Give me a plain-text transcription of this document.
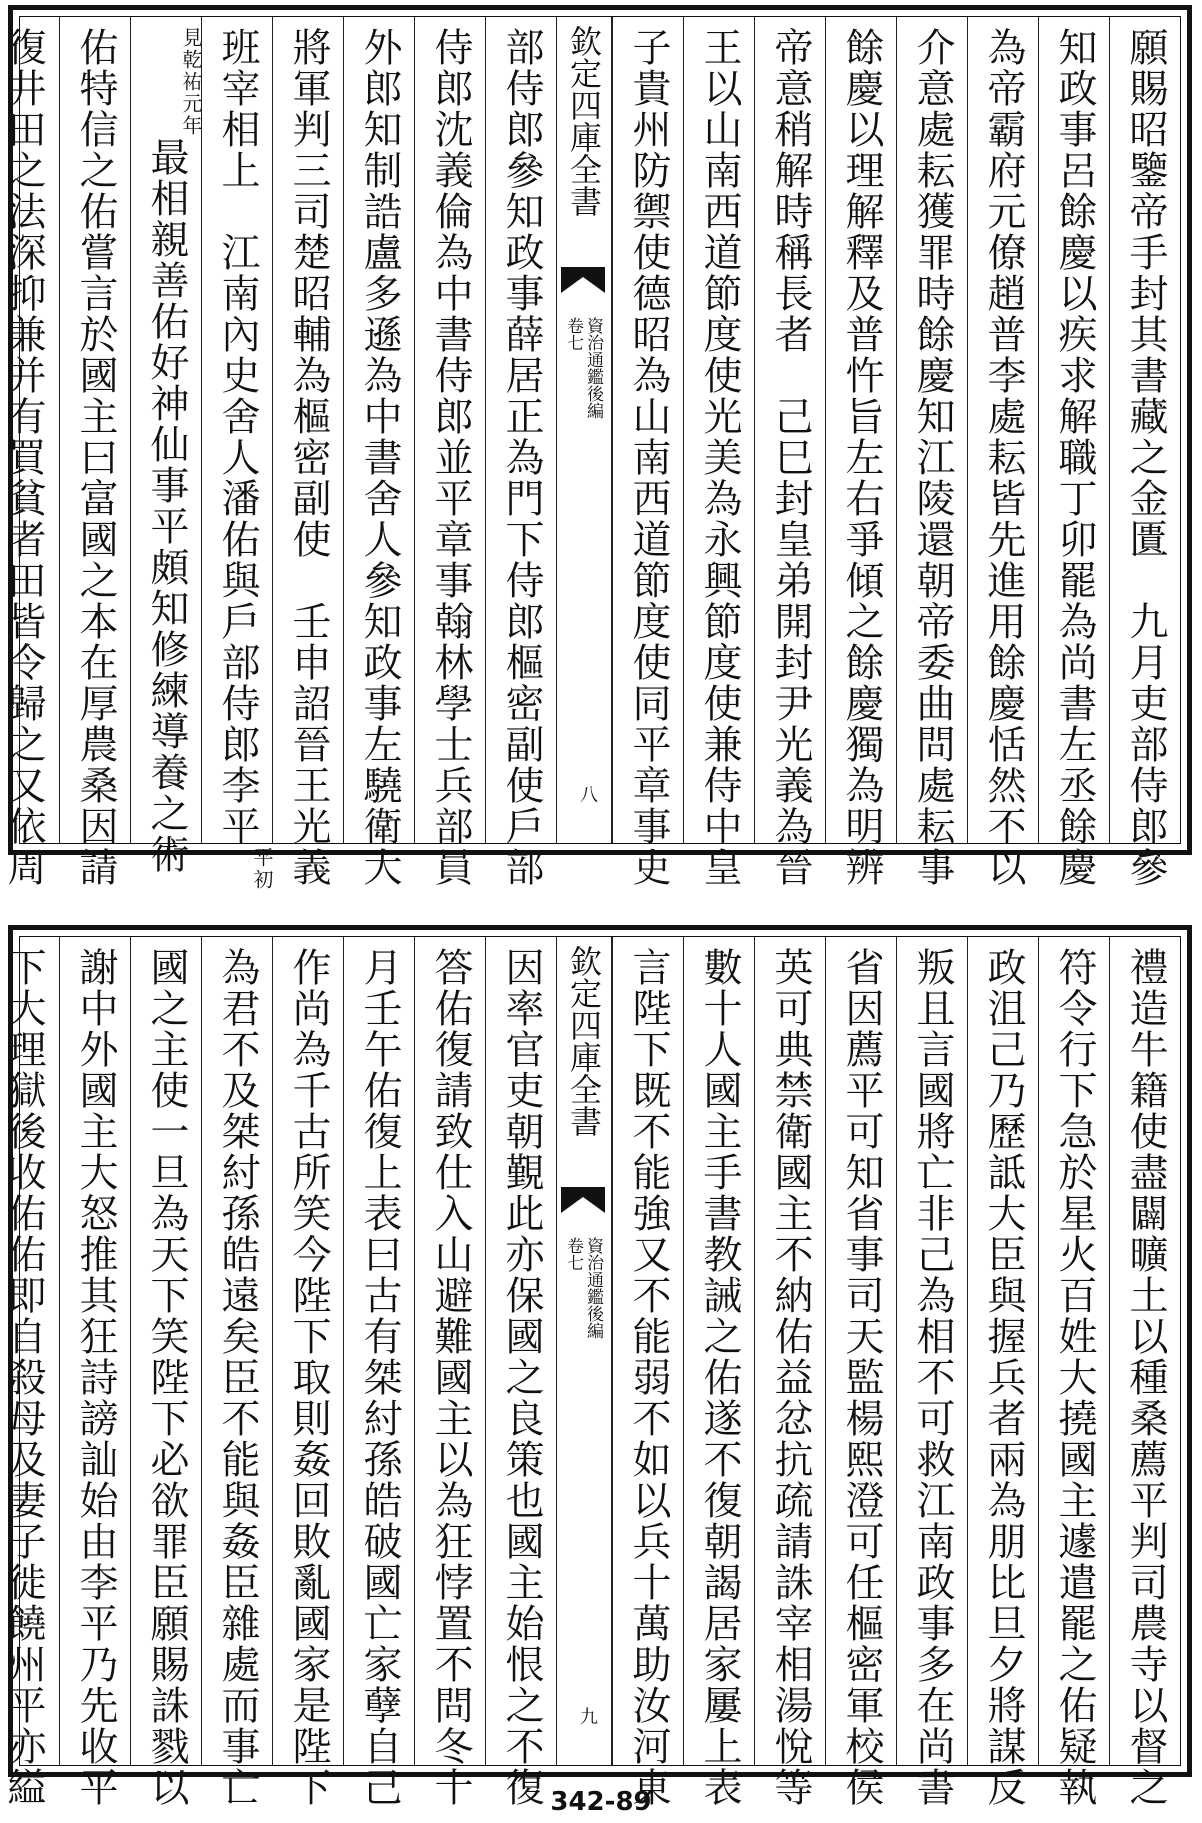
願賜昭鑒帝手封其書藏之金匱　九月吏部侍郎參
知政事呂餘慶以疾求解職丁卯罷為尚書左丞餘慶
為帝霸府元僚趙普李處耘皆先進用餘慶恬然不以
介意處耘獲罪時餘慶知江陵還朝帝委曲問處耘事
餘慶以理解釋及普忤旨左右爭傾之餘慶獨為明辨
帝意稍解時稱長者　己巳封皇弟開封尹光義為晉
王以山南西道節度使光美為永興節度使兼侍中皇
子貴州防禦使德昭為山南西道節度使同平章事吏
欽定四庫全書
資治通鑑後編
卷七
八
部侍郎參知政事薛居正為門下侍郎樞密副使戶部
侍郎沈義倫為中書侍郎並平章事翰林學士兵部員
外郎知制誥盧多遜為中書舍人參知政事左驍衛大
將軍判三司楚昭輔為樞密副使　壬申詔晉王光義
班宰相上　江南內史舍人潘佑與戶部侍郎李平平初
見乾祐元年最相親善佑好神仙事平頗知修練導養之術
佑特信之佑嘗言於國主曰富國之本在厚農桑因請
復井田之法深抑兼并有買貧者田皆令歸之又依周
禮造牛籍使盡闢曠土以種桑薦平判司農寺以督之
符令行下急於星火百姓大撓國主遽遣罷之佑疑執
政沮己乃歷詆大臣與握兵者兩為朋比旦夕將謀反
叛且言國將亡非己為相不可救江南政事多在尚書
省因薦平可知省事司天監楊熙澄可任樞密軍校侯
英可典禁衛國主不納佑益忿抗疏請誅宰相湯悅等
數十人國主手書教誡之佑遂不復朝謁居家屢上表
言陛下既不能強又不能弱不如以兵十萬助汝河東
欽定四庫全書
資治通鑑後編
卷七
九
因率官吏朝覲此亦保國之良策也國主始恨之不復
答佑復請致仕入山避難國主以為狂悖置不問冬十
月壬午佑復上表曰古有桀紂孫皓破國亡家孽自己
作尚為千古所笑今陛下取則姦回敗亂國家是陛下
為君不及桀紂孫皓遠矣臣不能與姦臣雜處而事亡
國之主使一旦為天下笑陛下必欲罪臣願賜誅戮以
謝中外國主大怒推其狂詩謗訕始由李平乃先收平
下大理獄後收佑佑即自殺母及妻子徙饒州平亦縊	342-89
